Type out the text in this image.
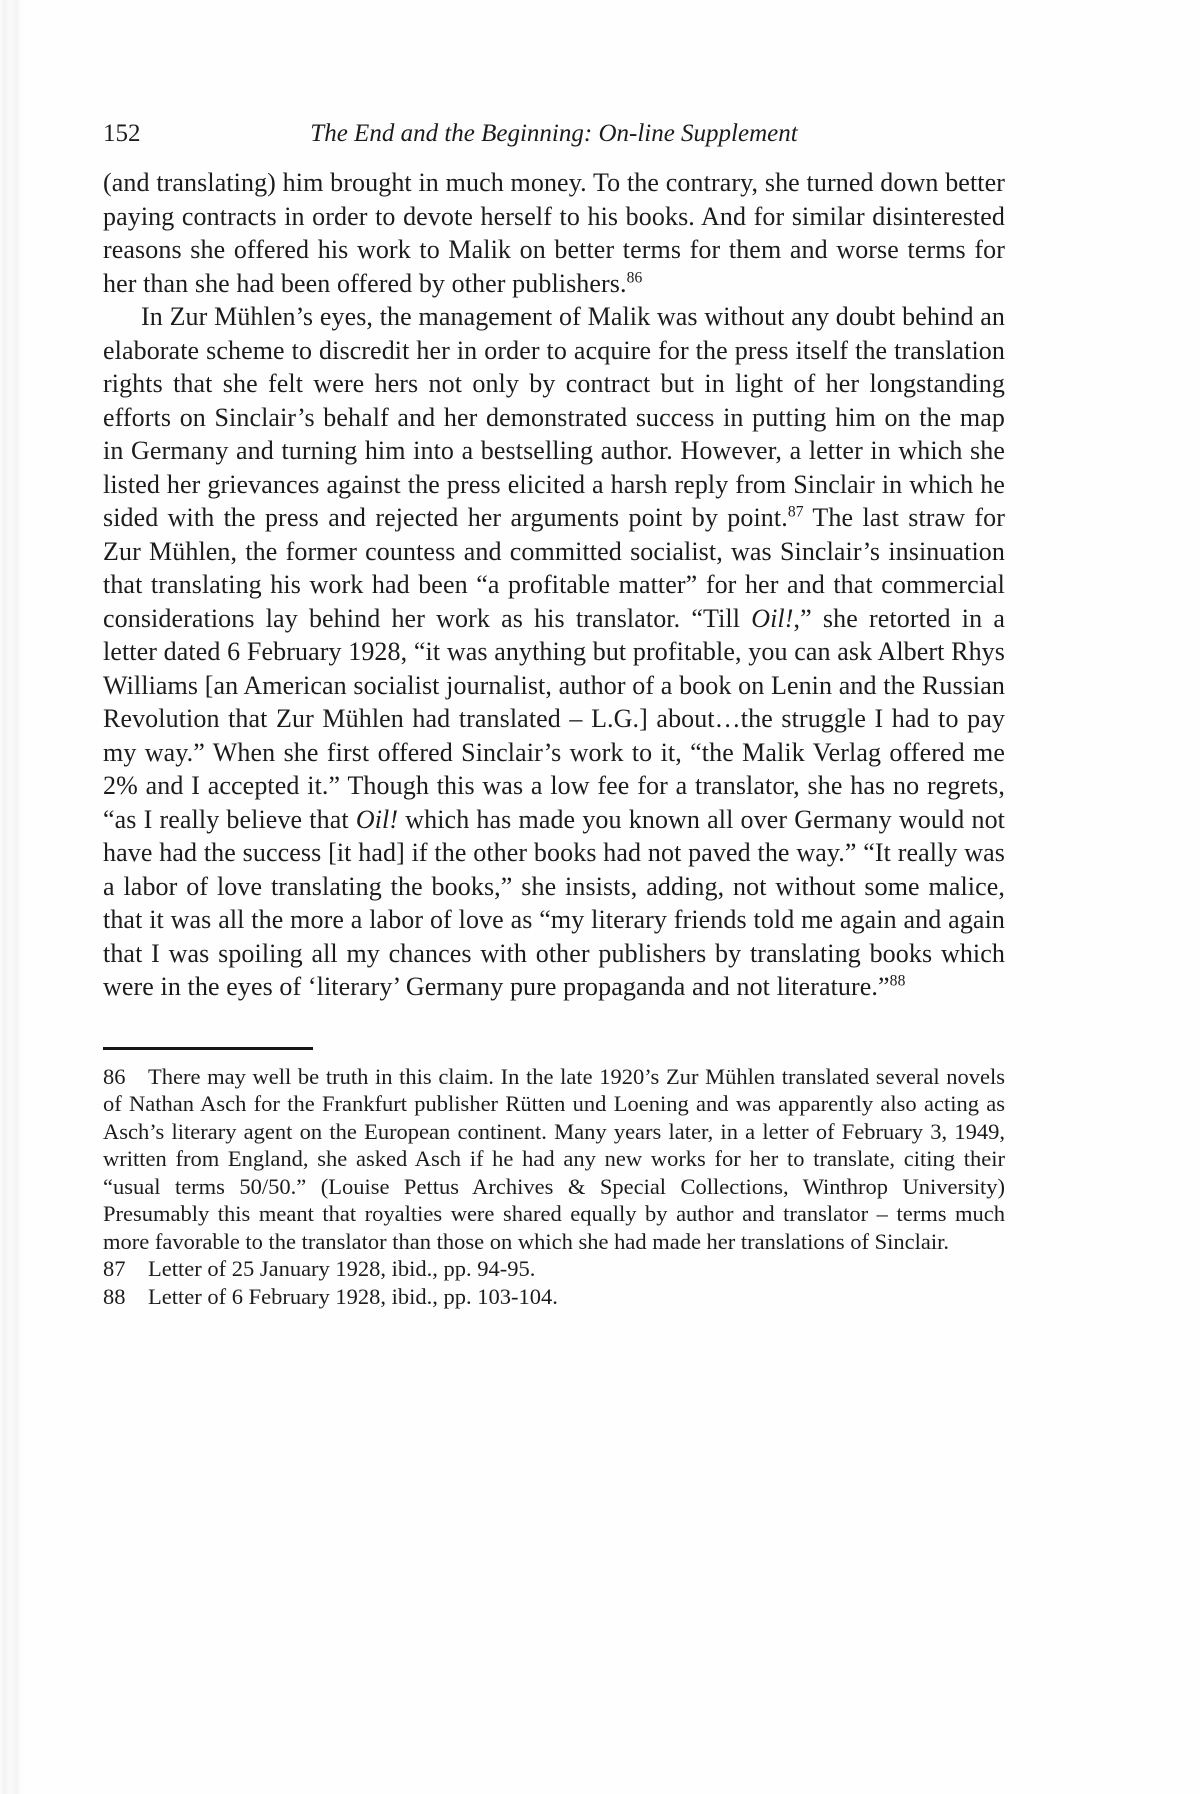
152	The End and the Beginning: On-line Supplement

(and translating) him brought in much money. To the contrary, she turned down better paying contracts in order to devote herself to his books. And for similar disinterested reasons she offered his work to Malik on better terms for them and worse terms for her than she had been offered by other publishers.$^{86}$

In Zur Mühlen’s eyes, the management of Malik was without any doubt behind an elaborate scheme to discredit her in order to acquire for the press itself the translation rights that she felt were hers not only by contract but in light of her longstanding efforts on Sinclair’s behalf and her demonstrated success in putting him on the map in Germany and turning him into a bestselling author. However, a letter in which she listed her grievances against the press elicited a harsh reply from Sinclair in which he sided with the press and rejected her arguments point by point.$^{87}$ The last straw for Zur Mühlen, the former countess and committed socialist, was Sinclair’s insinuation that translating his work had been “a profitable matter” for her and that commercial considerations lay behind her work as his translator. “Till Oil!,” she retorted in a letter dated 6 February 1928, “it was anything but profitable, you can ask Albert Rhys Williams [an American socialist journalist, author of a book on Lenin and the Russian Revolution that Zur Mühlen had translated – L.G.] about…the struggle I had to pay my way.” When she first offered Sinclair’s work to it, “the Malik Verlag offered me 2% and I accepted it.” Though this was a low fee for a translator, she has no regrets, “as I really believe that Oil! which has made you known all over Germany would not have had the success [it had] if the other books had not paved the way.” “It really was a labor of love translating the books,” she insists, adding, not without some malice, that it was all the more a labor of love as “my literary friends told me again and again that I was spoiling all my chances with other publishers by translating books which were in the eyes of ‘literary’ Germany pure propaganda and not literature.”$^{88}$

86 There may well be truth in this claim. In the late 1920’s Zur Mühlen translated several novels of Nathan Asch for the Frankfurt publisher Rütten und Loening and was apparently also acting as Asch’s literary agent on the European continent. Many years later, in a letter of February 3, 1949, written from England, she asked Asch if he had any new works for her to translate, citing their “usual terms 50/50.” (Louise Pettus Archives & Special Collections, Winthrop University) Presumably this meant that royalties were shared equally by author and translator – terms much more favorable to the translator than those on which she had made her translations of Sinclair.

87 Letter of 25 January 1928, ibid., pp. 94-95.

88 Letter of 6 February 1928, ibid., pp. 103-104.
